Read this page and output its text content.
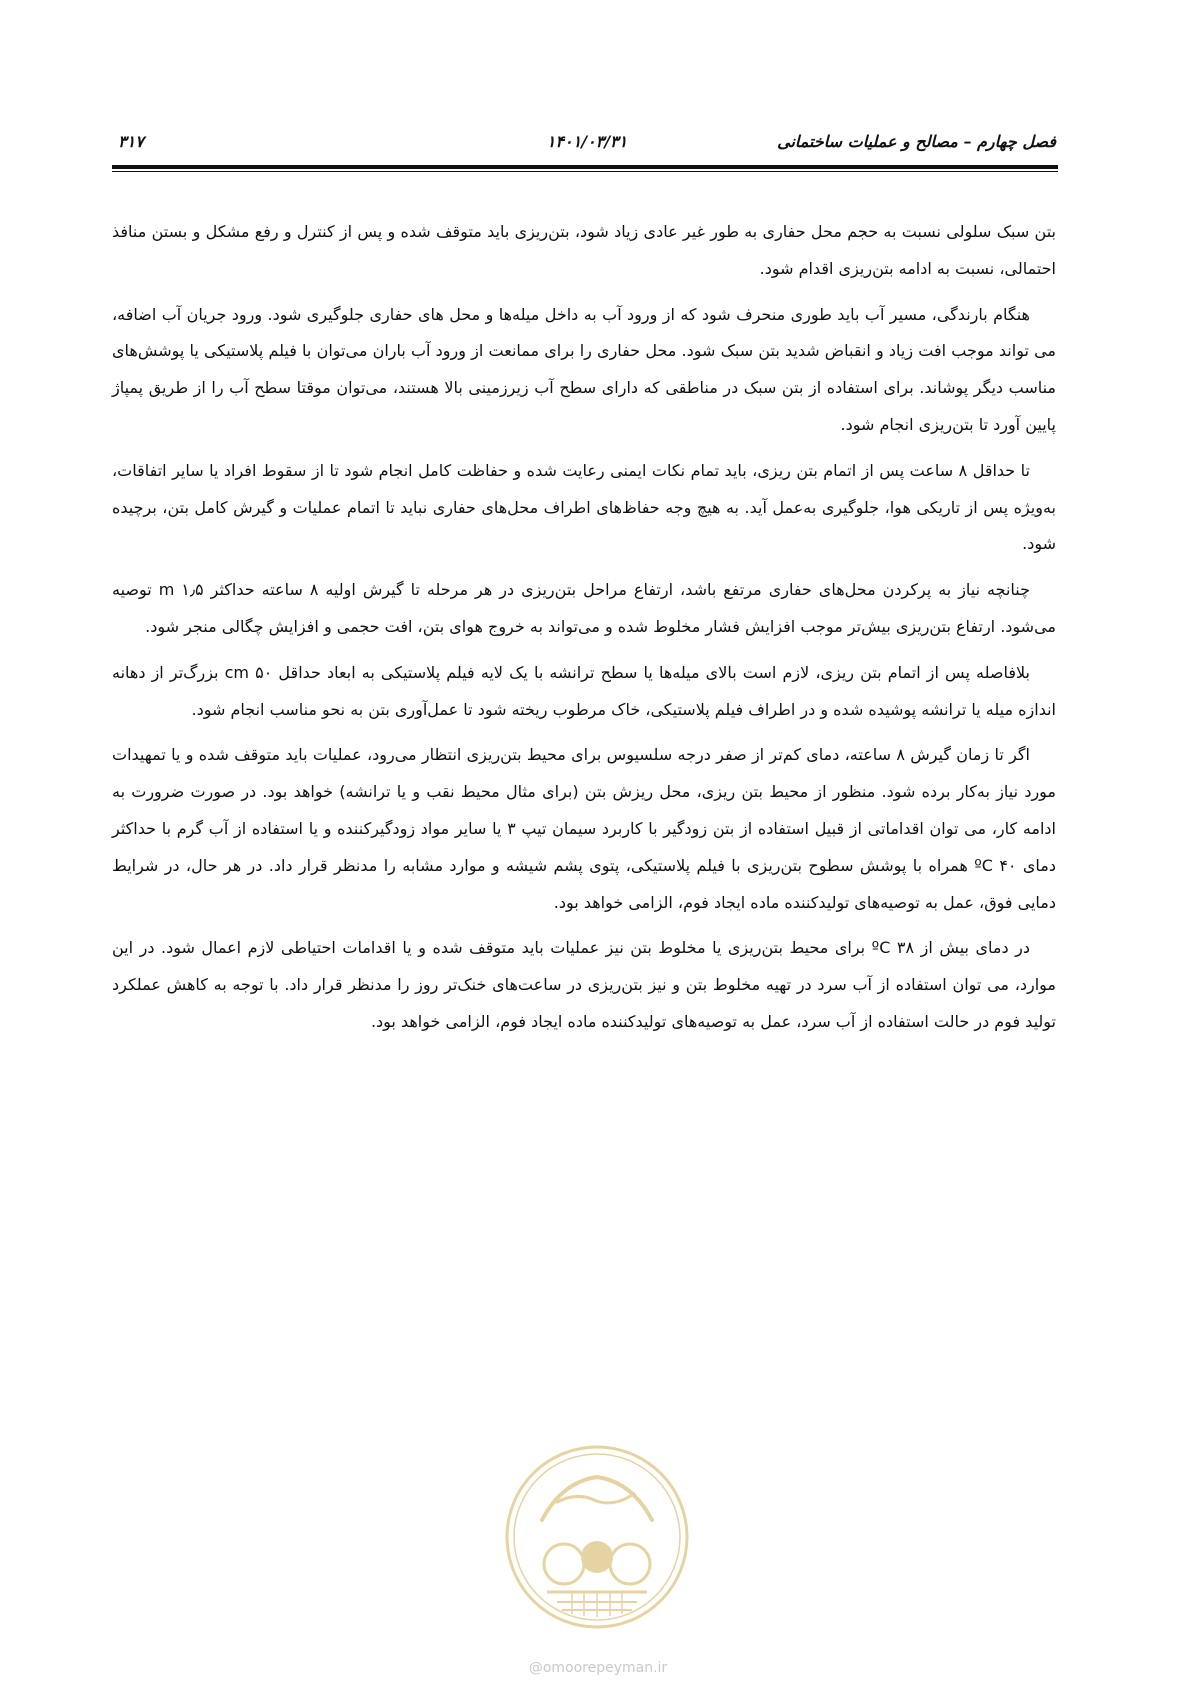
فصل چهارم – مصالح و عملیات ساختمانی
۱۴۰۱/۰۳/۳۱
۳۱۷

بتن سبک سلولی نسبت به حجم محل حفاری به طور غیر عادی زیاد شود، بتن‌ریزی باید متوقف شده و پس از کنترل و رفع مشکل و بستن منافذ احتمالی، نسبت به ادامه بتن‌ریزی اقدام شود.

هنگام بارندگی، مسیر آب باید طوری منحرف شود که از ورود آب به داخل میله‌ها و محل های حفاری جلوگیری شود. ورود جریان آب اضافه، می تواند موجب افت زیاد و انقباض شدید بتن سبک شود. محل حفاری را برای ممانعت از ورود آب باران می‌توان با فیلم پلاستیکی یا پوشش‌های مناسب دیگر پوشاند. برای استفاده از بتن سبک در مناطقی که دارای سطح آب زیرزمینی بالا هستند، می‌توان موقتا سطح آب را از طریق پمپاژ پایین آورد تا بتن‌ریزی انجام شود.

تا حداقل ۸ ساعت پس از اتمام بتن ریزی، باید تمام نکات ایمنی رعایت شده و حفاظت کامل انجام شود تا از سقوط افراد یا سایر اتفاقات، به‌ویژه پس از تاریکی هوا، جلوگیری به‌عمل آید. به هیچ وجه حفاظ‌های اطراف محل‌های حفاری نباید تا اتمام عملیات و گیرش کامل بتن، برچیده شود.

چنانچه نیاز به پرکردن محل‌های حفاری مرتفع باشد، ارتفاع مراحل بتن‌ریزی در هر مرحله تا گیرش اولیه ۸ ساعته حداکثر ۱٫۵ m توصیه می‌شود. ارتفاع بتن‌ریزی بیش‌تر موجب افزایش فشار مخلوط شده و می‌تواند به خروج هوای بتن، افت حجمی و افزایش چگالی منجر شود.

بلافاصله پس از اتمام بتن ریزی، لازم است بالای میله‌ها یا سطح ترانشه با یک لایه فیلم پلاستیکی به ابعاد حداقل ۵۰ cm بزرگ‌تر از دهانه اندازه میله یا ترانشه پوشیده شده و در اطراف فیلم پلاستیکی، خاک مرطوب ریخته شود تا عمل‌آوری بتن به نحو مناسب انجام شود.

اگر تا زمان گیرش ۸ ساعته، دمای کم‌تر از صفر درجه سلسیوس برای محیط بتن‌ریزی انتظار می‌رود، عملیات باید متوقف شده و یا تمهیدات مورد نیاز به‌کار برده شود. منظور از محیط بتن ریزی، محل ریزش بتن (برای مثال محیط نقب و یا ترانشه) خواهد بود. در صورت ضرورت به ادامه کار، می توان اقداماتی از قبیل استفاده از بتن زودگیر با کاربرد سیمان تیپ ۳ یا سایر مواد زودگیرکننده و یا استفاده از آب گرم با حداکثر دمای ۴۰ ºC همراه با پوشش سطوح بتن‌ریزی با فیلم پلاستیکی، پتوی پشم شیشه و موارد مشابه را مدنظر قرار داد. در هر حال، در شرایط دمایی فوق، عمل به توصیه‌های تولیدکننده ماده ایجاد فوم، الزامی خواهد بود.

در دمای بیش از ۳۸ ºC برای محیط بتن‌ریزی یا مخلوط بتن نیز عملیات باید متوقف شده و یا اقدامات احتیاطی لازم اعمال شود. در این موارد، می توان استفاده از آب سرد در تهیه مخلوط بتن و نیز بتن‌ریزی در ساعت‌های خنک‌تر روز را مدنظر قرار داد. با توجه به کاهش عملکرد تولید فوم در حالت استفاده از آب سرد، عمل به توصیه‌های تولیدکننده ماده ایجاد فوم، الزامی خواهد بود.

@omoorepeyman.ir
